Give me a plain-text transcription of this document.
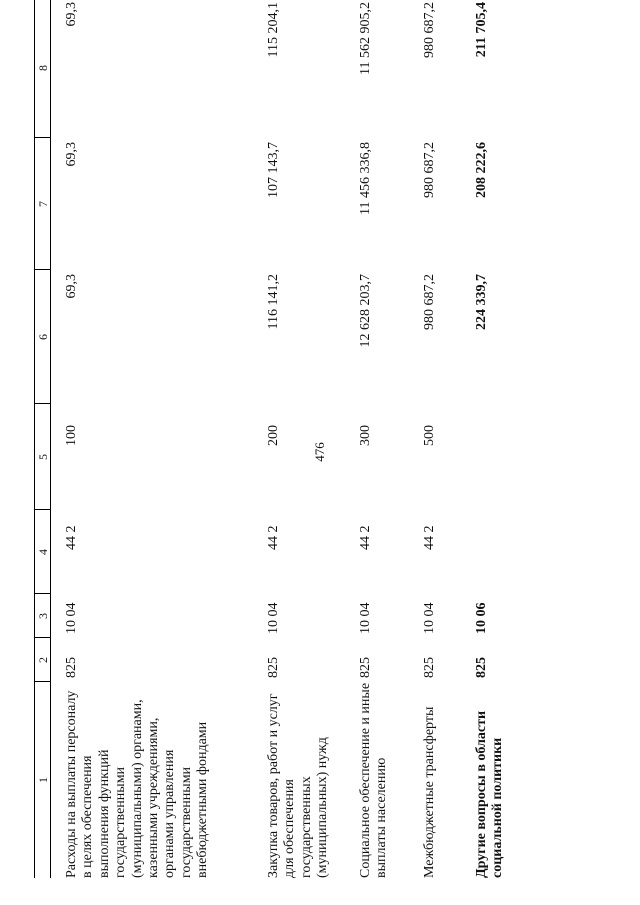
476
1
2
3
4
5
6
7
8
Расходы на выплаты персоналу в целях обеспечения выполнения функций государственными (муниципальными) органами, казенными учреждениями, органами управления государственными внебюджетными фондами
825
10 04
44 2
100
69,3
69,3
69,3
Закупка товаров, работ и услуг для обеспечения государственных (муниципальных) нужд
825
10 04
44 2
200
116 141,2
107 143,7
115 204,1
Социальное обеспечение и иные выплаты населению
825
10 04
44 2
300
12 628 203,7
11 456 336,8
11 562 905,2
Межбюджетные трансферты
825
10 04
44 2
500
980 687,2
980 687,2
980 687,2
Другие вопросы в области социальной политики
825
10 06
224 339,7
208 222,6
211 705,4
